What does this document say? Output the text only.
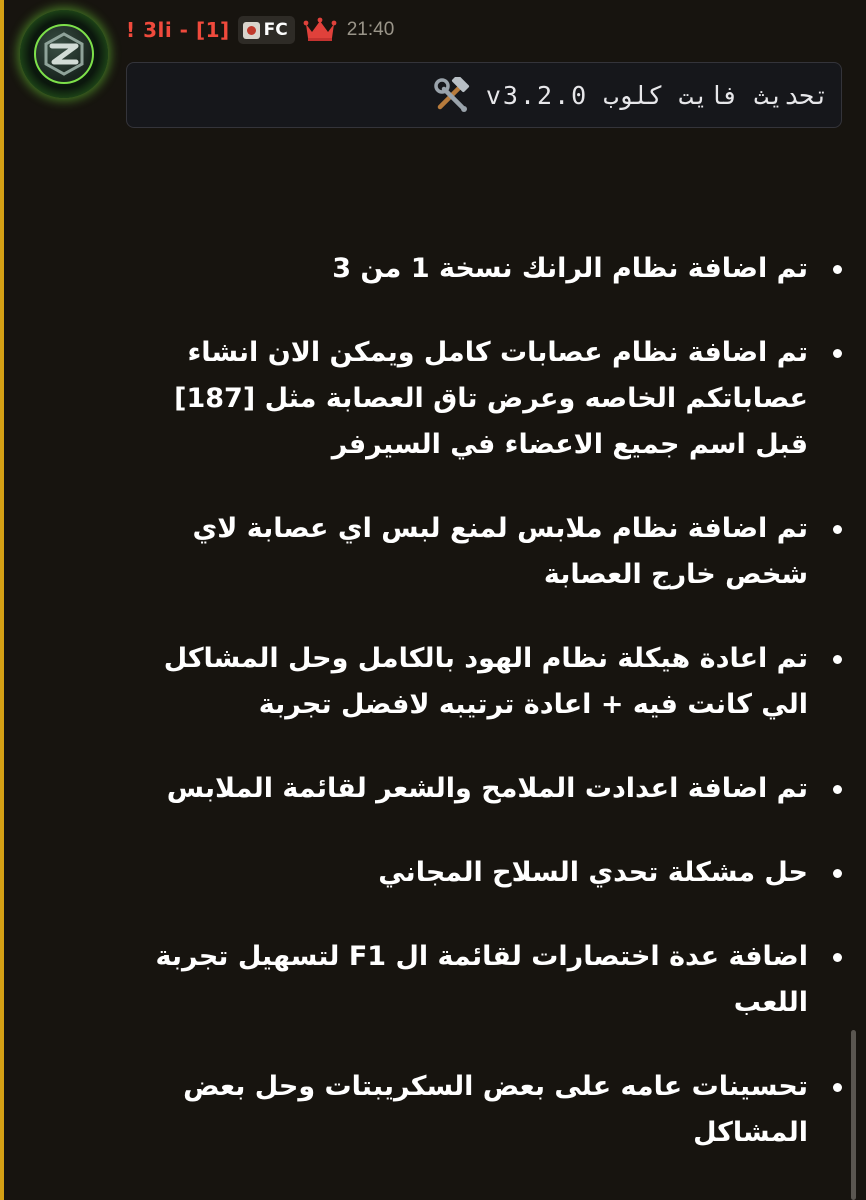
! 3li - [1] FC	21:40
تحديث فايت كلوب v3.2.0
تم اضافة نظام الرانك نسخة 1 من 3
تم اضافة نظام عصابات كامل ويمكن الان انشاء عصاباتكم الخاصه وعرض تاق العصابة مثل [187] قبل اسم جميع الاعضاء في السيرفر
تم اضافة نظام ملابس لمنع لبس اي عصابة لاي شخص خارج العصابة
تم اعادة هيكلة نظام الهود بالكامل وحل المشاكل الي كانت فيه + اعادة ترتيبه لافضل تجربة
تم اضافة اعدادت الملامح والشعر لقائمة الملابس
حل مشكلة تحدي السلاح المجاني
اضافة عدة اختصارات لقائمة ال F1 لتسهيل تجربة اللعب
تحسينات عامه على بعض السكريبتات وحل بعض المشاكل
